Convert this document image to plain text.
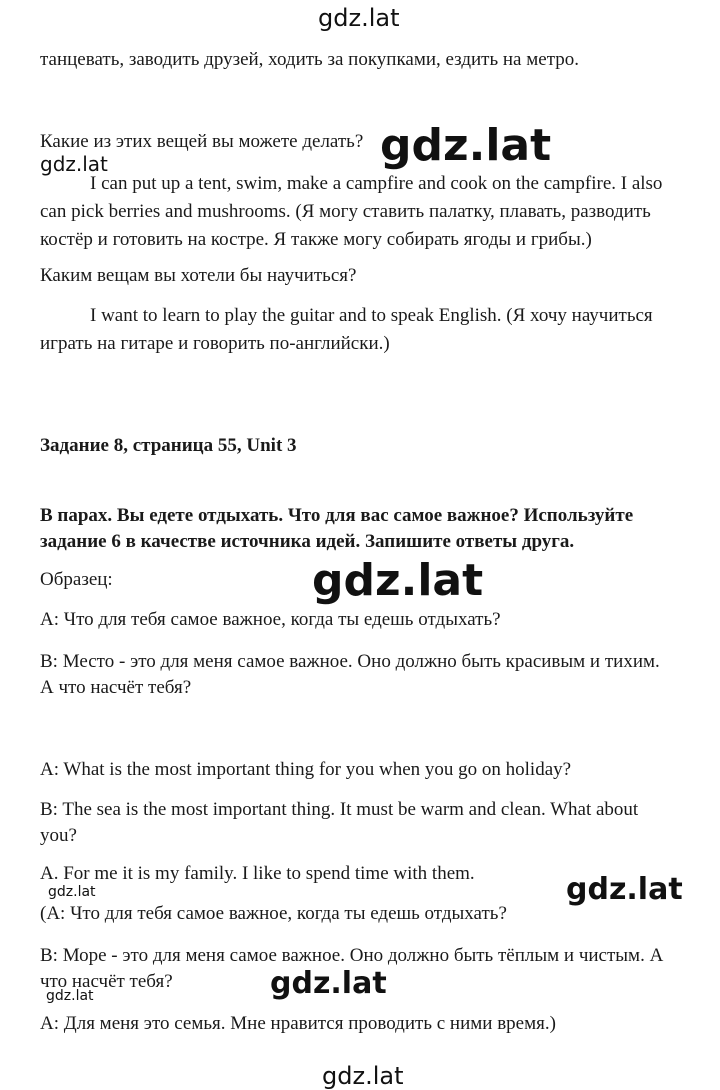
gdz.lat
gdz.lat
gdz.lat
gdz.lat
gdz.lat
gdz.lat
gdz.lat
gdz.lat
gdz.lat
танцевать, заводить друзей, ходить за покупками, ездить на метро.
Какие из этих вещей вы можете делать?
I can put up a tent, swim, make a campfire and cook on the campfire. I also
can pick berries and mushrooms. (Я могу ставить палатку, плавать, разводить
костёр и готовить на костре. Я также могу собирать ягоды и грибы.)
Каким вещам вы хотели бы научиться?
I want to learn to play the guitar and to speak English. (Я хочу научиться
играть на гитаре и говорить по-английски.)
Задание 8, страница 55, Unit 3
В парах. Вы едете отдыхать. Что для вас самое важное? Используйте
задание 6 в качестве источника идей. Запишите ответы друга.
Образец:
А: Что для тебя самое важное, когда ты едешь отдыхать?
В: Место - это для меня самое важное. Оно должно быть красивым и тихим.
А что насчёт тебя?
A: What is the most important thing for you when you go on holiday?
B: The sea is the most important thing. It must be warm and clean. What about
you?
A. For me it is my family. I like to spend time with them.
(А: Что для тебя самое важное, когда ты едешь отдыхать?
В: Море - это для меня самое важное. Оно должно быть тёплым и чистым. А
что насчёт тебя?
А: Для меня это семья. Мне нравится проводить с ними время.)
